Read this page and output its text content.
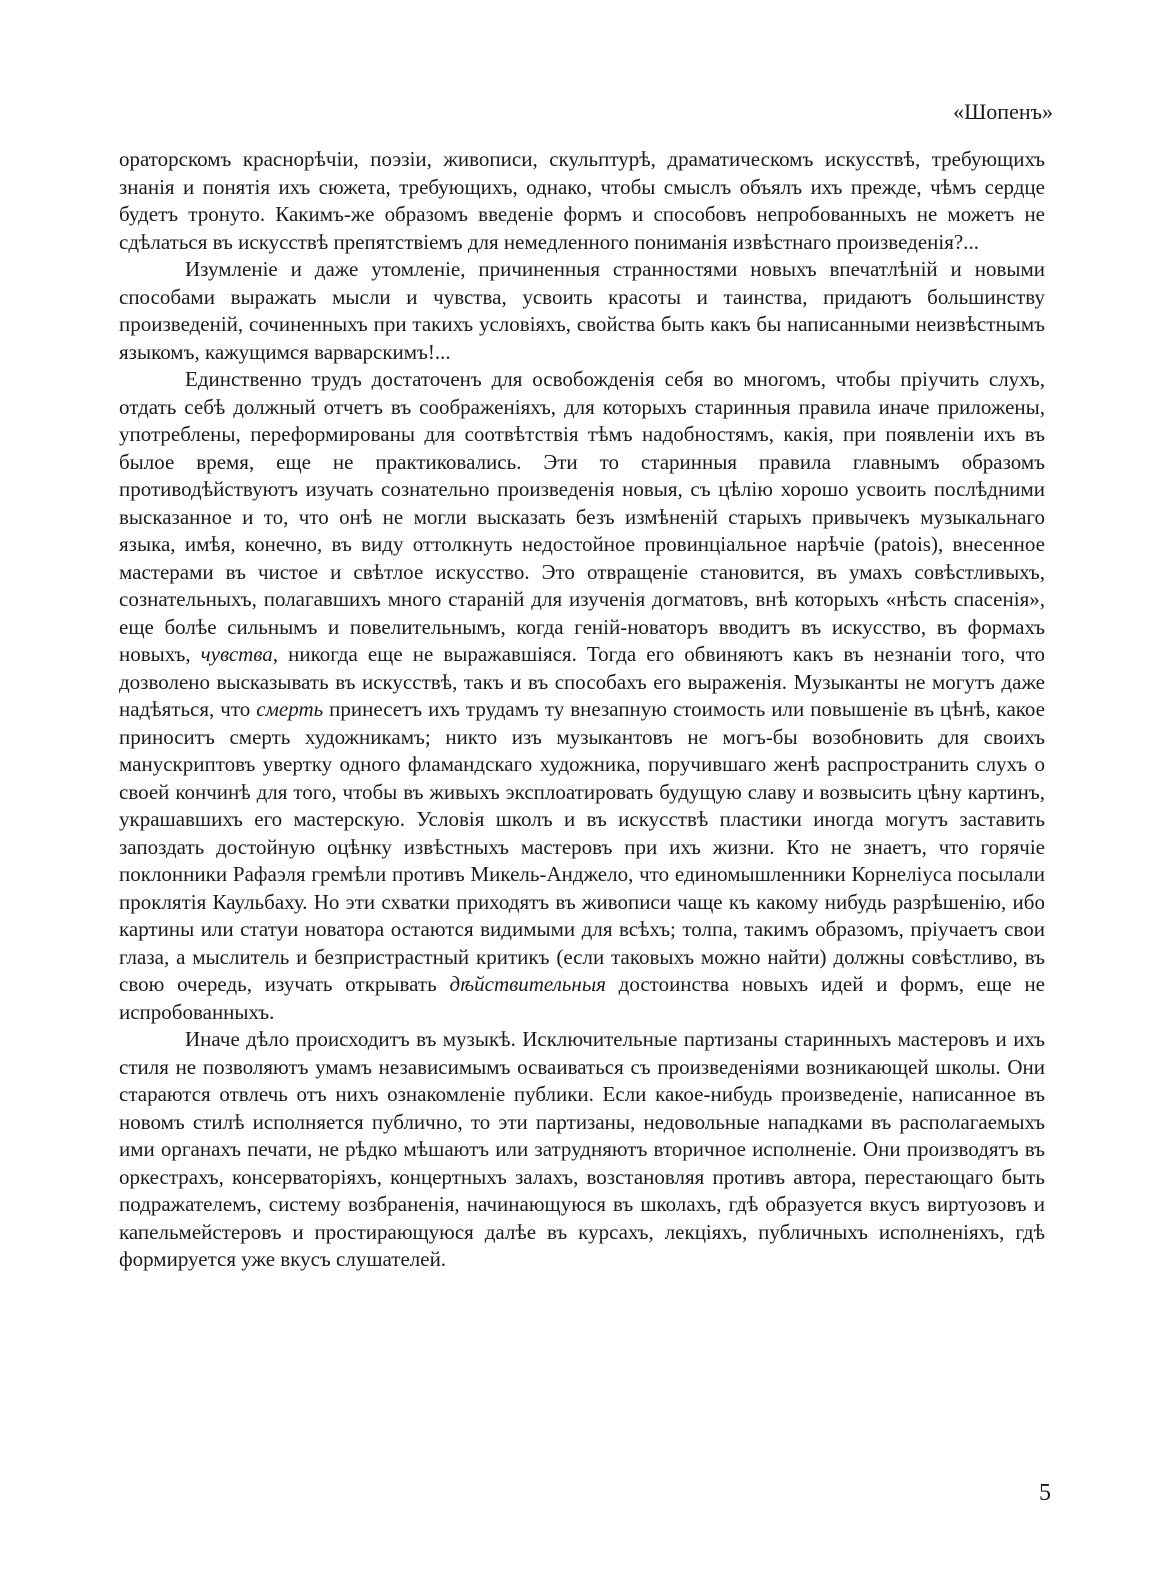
«Шопенъ»

ораторскомъ краснорѣчіи, поэзіи, живописи, скульптурѣ, драматическомъ искусствѣ, требующихъ знанія и понятія ихъ сюжета, требующихъ, однако, чтобы смыслъ объялъ ихъ прежде, чѣмъ сердце будетъ тронуто. Какимъ-же образомъ введеніе формъ и способовъ непробованныхъ не можетъ не сдѣлаться въ искусствѣ препятствіемъ для немедленного пониманія извѣстнаго произведенія?...

Изумленіе и даже утомленіе, причиненныя странностями новыхъ впечатлѣній и новыми способами выражать мысли и чувства, усвоить красоты и таинства, придаютъ большинству произведеній, сочиненныхъ при такихъ условіяхъ, свойства быть какъ бы написанными неизвѣстнымъ языкомъ, кажущимся варварскимъ!...

Единственно трудъ достаточенъ для освобожденія себя во многомъ, чтобы пріучить слухъ, отдать себѣ должный отчетъ въ соображеніяхъ, для которыхъ старинныя правила иначе приложены, употреблены, переформированы для соотвѣтствія тѣмъ надобностямъ, какія, при появленіи ихъ въ былое время, еще не практиковались. Эти то старинныя правила главнымъ образомъ противодѣйствуютъ изучать сознательно произведенія новыя, съ цѣлію хорошо усвоить послѣдними высказанное и то, что онѣ не могли высказать безъ измѣненій старыхъ привычекъ музыкальнаго языка, имѣя, конечно, въ виду оттолкнуть недостойное провинціальное нарѣчіе (patois), внесенное мастерами въ чистое и свѣтлое искусство. Это отвращеніе становится, въ умахъ совѣстливыхъ, сознательныхъ, полагавшихъ много стараній для изученія догматовъ, внѣ которыхъ «нѣсть спасенія», еще болѣе сильнымъ и повелительнымъ, когда геній-новаторъ вводитъ въ искусство, въ формахъ новыхъ, чувства, никогда еще не выражавшіяся. Тогда его обвиняютъ какъ въ незнаніи того, что дозволено высказывать въ искусствѣ, такъ и въ способахъ его выраженія. Музыканты не могутъ даже надѣяться, что смерть принесетъ ихъ трудамъ ту внезапную стоимость или повышеніе въ цѣнѣ, какое приноситъ смерть художникамъ; никто изъ музыкантовъ не могъ-бы возобновить для своихъ манускриптовъ увертку одного фламандскаго художника, поручившаго женѣ распространить слухъ о своей кончинѣ для того, чтобы въ живыхъ эксплоатировать будущую славу и возвысить цѣну картинъ, укрaшавшихъ его мастерскую. Условія школъ и въ искусствѣ пластики иногда могутъ заставить запоздать достойную оцѣнку извѣстныхъ мастеровъ при ихъ жизни. Кто не знаетъ, что горячіе поклонники Рафаэля гремѣли противъ Микель-Анджело, что единомышленники Корнеліуса посылали проклятія Каульбаху. Но эти схватки приходятъ въ живописи чаще къ какому нибудь разрѣшенію, ибо картины или статуи новатора остаются видимыми для всѣхъ; толпа, такимъ образомъ, пріучаетъ свои глаза, а мыслитель и безпристрастный критикъ (если таковыхъ можно найти) должны совѣстливо, въ свою очередь, изучать открывать дѣйствительныя достоинства новыхъ идей и формъ, еще не испробованныхъ.

Иначе дѣло происходитъ въ музыкѣ. Исключительные партизаны старинныхъ мастеровъ и ихъ стиля не позволяютъ умамъ независимымъ осваиваться съ произведеніями возникающей школы. Они стараются отвлечь отъ нихъ ознакомленіе публики. Если какое-нибудь произведеніе, написанное въ новомъ стилѣ исполняется публично, то эти партизаны, недовольные нападками въ располагаемыхъ ими органахъ печати, не рѣдко мѣшаютъ или затрудняютъ вторичное исполненіе. Они производятъ въ оркестрахъ, консерваторіяхъ, концертныхъ залахъ, возстановляя противъ автора, перестающаго быть подражателемъ, систему возбраненія, начинающуюся въ школахъ, гдѣ образуется вкусъ виртуозовъ и капельмейстеровъ и простирающуюся далѣе въ курсахъ, лекціяхъ, публичныхъ исполненіяхъ, гдѣ формируется уже вкусъ слушателей.

5
